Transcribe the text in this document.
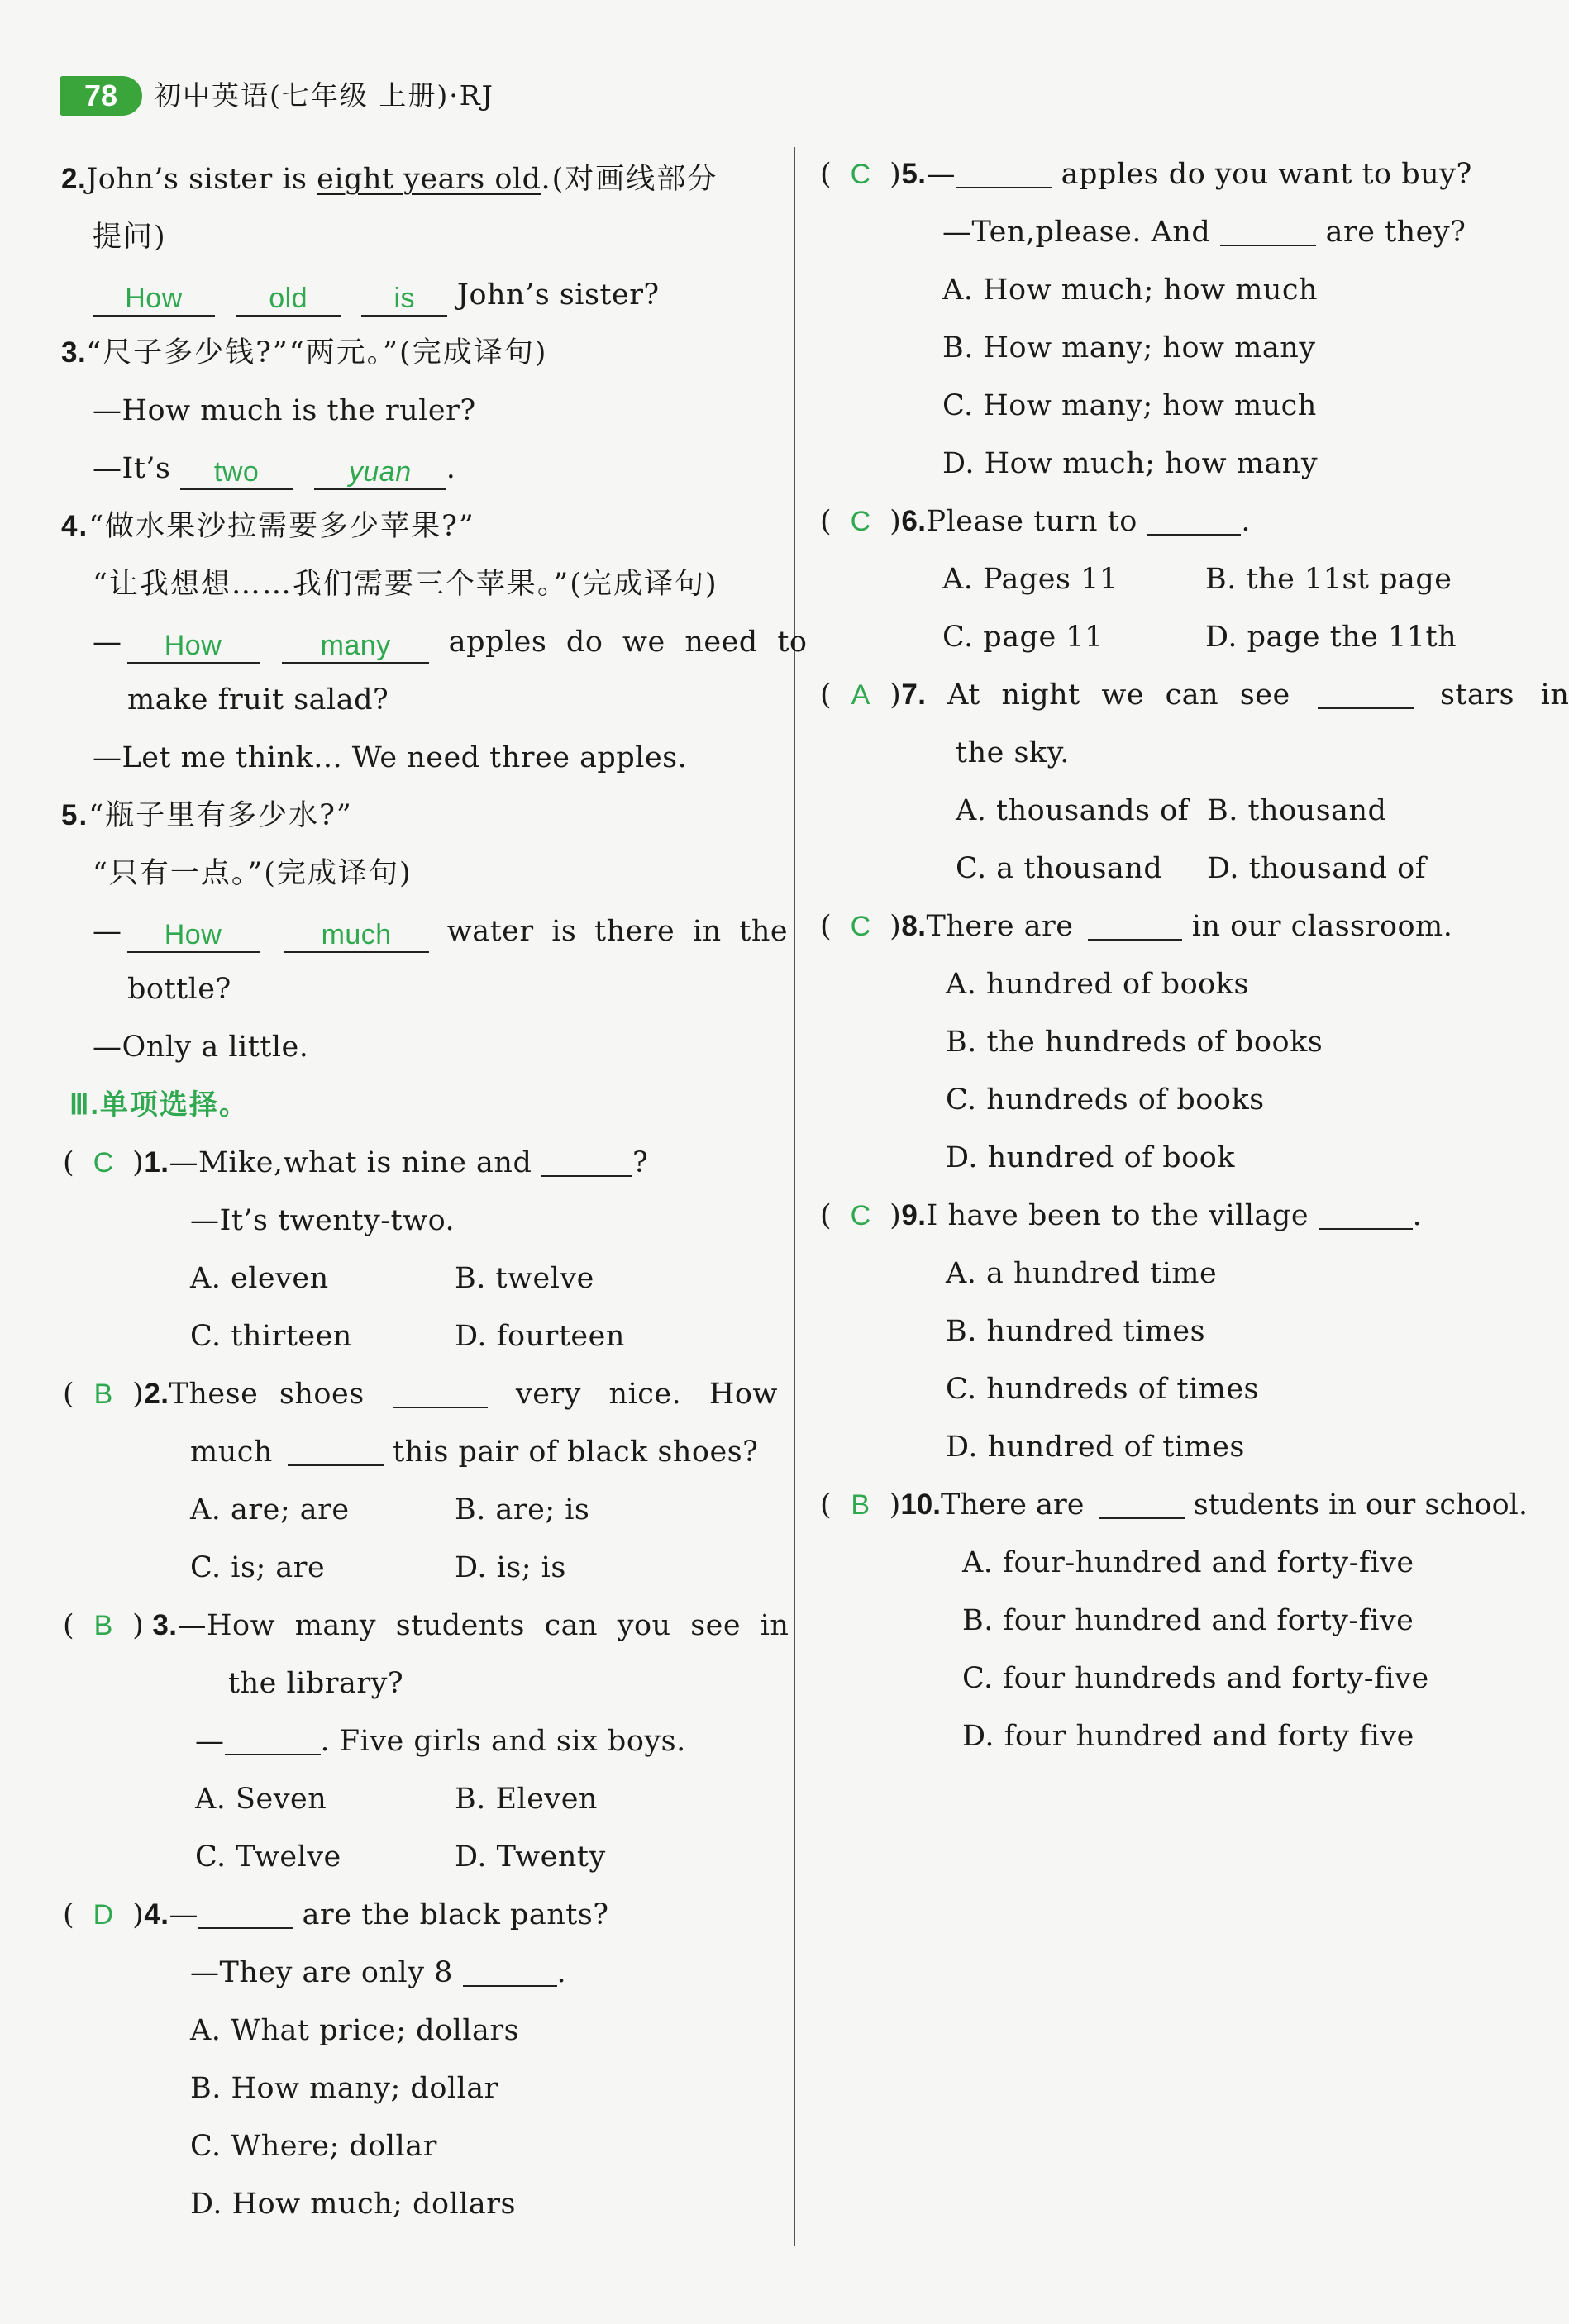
78	初中英语(七年级 上册)·RJ
2.John’s sister is eight years old.(对画线部分
提问)
How	old	is John’s sister?
3.“尺子多少钱?”“两元。”(完成译句)
—How much is the ruler?
—It’s two	yuan .
4.“做水果沙拉需要多少苹果?”
“让我想想……我们需要三个苹果。”(完成译句)
— How	many apples do we need to
make fruit salad?
—Let me think... We need three apples.
5.“瓶子里有多少水?”
“只有一点。”(完成译句)
— How	much water is there in the
bottle?
—Only a little.
Ⅲ.单项选择。
( C )1.—Mike,what is nine and	?
—It’s twenty-two.
A. eleven	B. twelve
C. thirteen	D. fourteen
( B )2.These shoes	very nice. How
much	this pair of black shoes?
A. are; are	B. are; is
C. is; are	D. is; is
( B ) 3.—How many students can you see in
the library?
—	. Five girls and six boys.
A. Seven	B. Eleven
C. Twelve	D. Twenty
( D )4.—	are the black pants?
—They are only 8	.
A. What price; dollars
B. How many; dollar
C. Where; dollar
D. How much; dollars
( C )5.—	apples do you want to buy?
—Ten,please. And	are they?
A. How much; how much
B. How many; how many
C. How many; how much
D. How much; how many
( C )6.Please turn to	.
A. Pages 11	B. the 11st page
C. page 11	D. page the 11th
( A )7. At night we can see	stars in
the sky.
A. thousands of B. thousand
C. a thousand D. thousand of
( C )8.There are	in our classroom.
A. hundred of books
B. the hundreds of books
C. hundreds of books
D. hundred of book
( C )9.I have been to the village	.
A. a hundred time
B. hundred times
C. hundreds of times
D. hundred of times
( B )10.There are	students in our school.
A. four-hundred and forty-five
B. four hundred and forty-five
C. four hundreds and forty-five
D. four hundred and forty five
